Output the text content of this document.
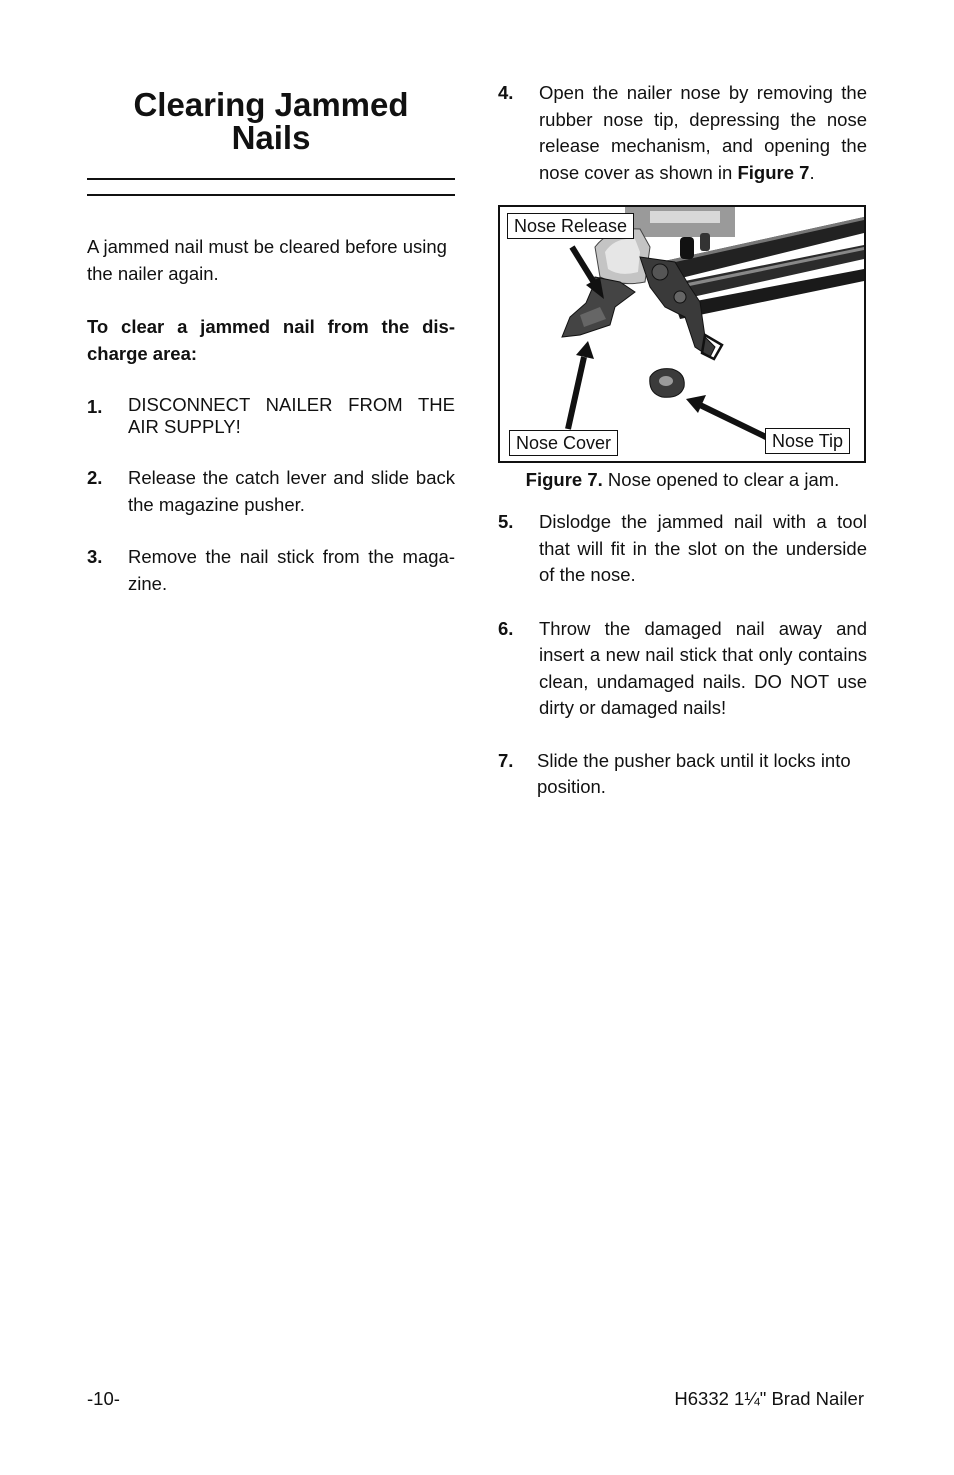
Clearing Jammed
Nails
A jammed nail must be cleared before using the nailer again.
To clear a jammed nail from the dis-charge area:
1.	DISCONNECT NAILER FROM THE AIR SUPPLY!
2.	Release the catch lever and slide back the magazine pusher.
3.	Remove the nail stick from the maga-zine.
4.	Open the nailer nose by removing the rubber nose tip, depressing the nose release mechanism, and opening the nose cover as shown in Figure 7.
Nose Release
Nose Cover	Nose Tip
Figure 7. Nose opened to clear a jam.
5.	Dislodge the jammed nail with a tool that will fit in the slot on the underside of the nose.
6.	Throw the damaged nail away and insert a new nail stick that only contains clean, undamaged nails. DO NOT use dirty or damaged nails!
7.	Slide the pusher back until it locks into position.
-10-	H6332 1¼" Brad Nailer
